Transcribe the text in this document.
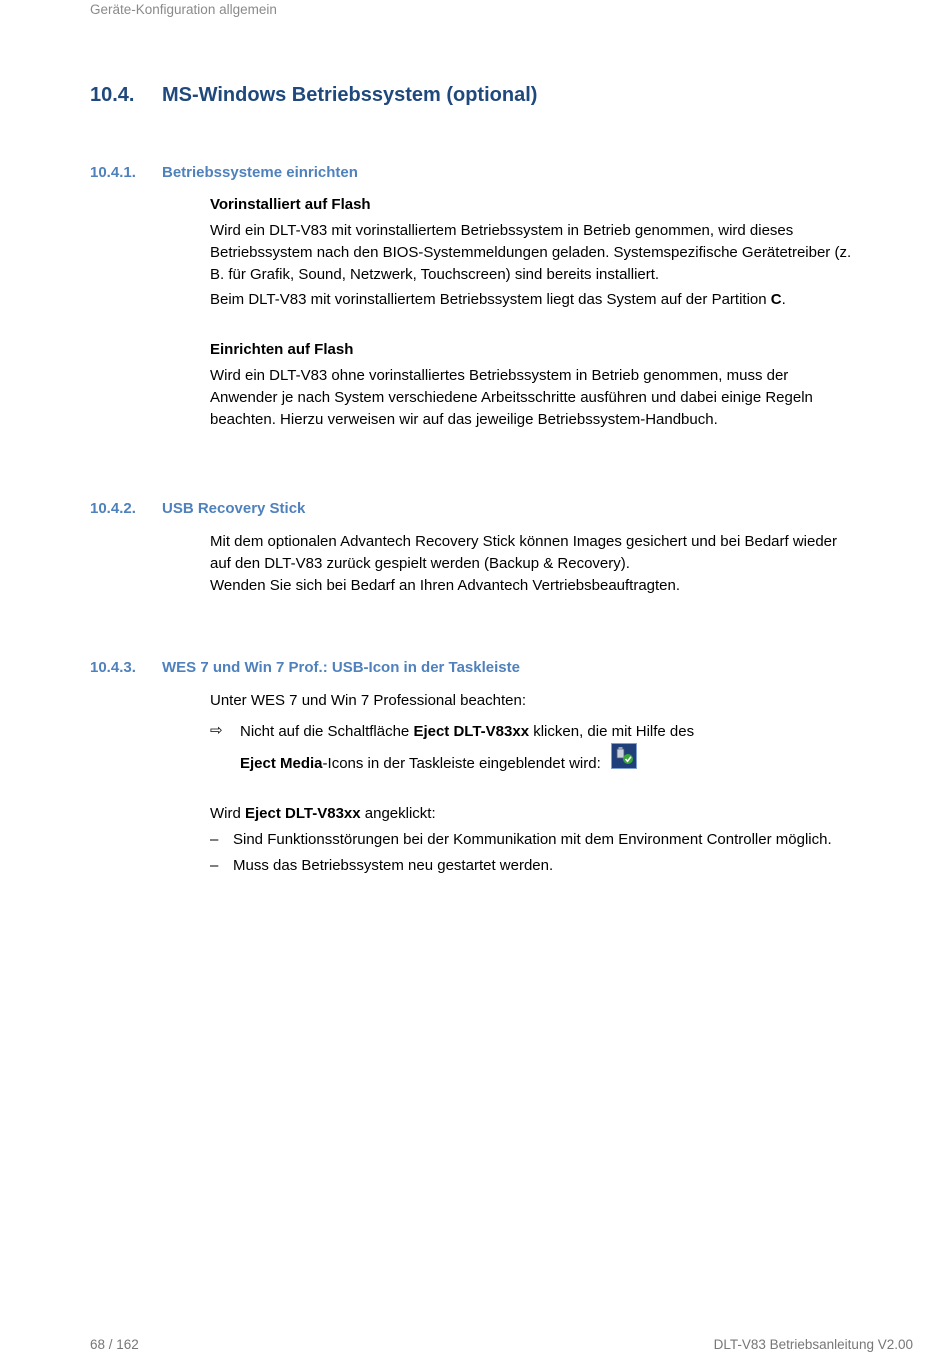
Geräte-Konfiguration allgemein
10.4. MS-Windows Betriebssystem (optional)
10.4.1. Betriebssysteme einrichten
Vorinstalliert auf Flash
Wird ein DLT-V83 mit vorinstalliertem Betriebssystem in Betrieb genommen, wird dieses
Betriebssystem nach den BIOS-Systemmeldungen geladen. Systemspezifische Gerätetreiber (z.
B. für Grafik, Sound, Netzwerk, Touchscreen) sind bereits installiert.
Beim DLT-V83 mit vorinstalliertem Betriebssystem liegt das System auf der Partition C.
Einrichten auf Flash
Wird ein DLT-V83 ohne vorinstalliertes Betriebssystem in Betrieb genommen, muss der
Anwender je nach System verschiedene Arbeitsschritte ausführen und dabei einige Regeln
beachten. Hierzu verweisen wir auf das jeweilige Betriebssystem-Handbuch.
10.4.2. USB Recovery Stick
Mit dem optionalen Advantech Recovery Stick können Images gesichert und bei Bedarf wieder
auf den DLT-V83 zurück gespielt werden (Backup & Recovery).
Wenden Sie sich bei Bedarf an Ihren Advantech Vertriebsbeauftragten.
10.4.3. WES 7 und Win 7 Prof.: USB-Icon in der Taskleiste
Unter WES 7 und Win 7 Professional beachten:
⇨ Nicht auf die Schaltfläche Eject DLT-V83xx klicken, die mit Hilfe des
Eject Media-Icons in der Taskleiste eingeblendet wird:
Wird Eject DLT-V83xx angeklickt:
– Sind Funktionsstörungen bei der Kommunikation mit dem Environment Controller möglich.
– Muss das Betriebssystem neu gestartet werden.
68 / 162	DLT-V83 Betriebsanleitung V2.00
